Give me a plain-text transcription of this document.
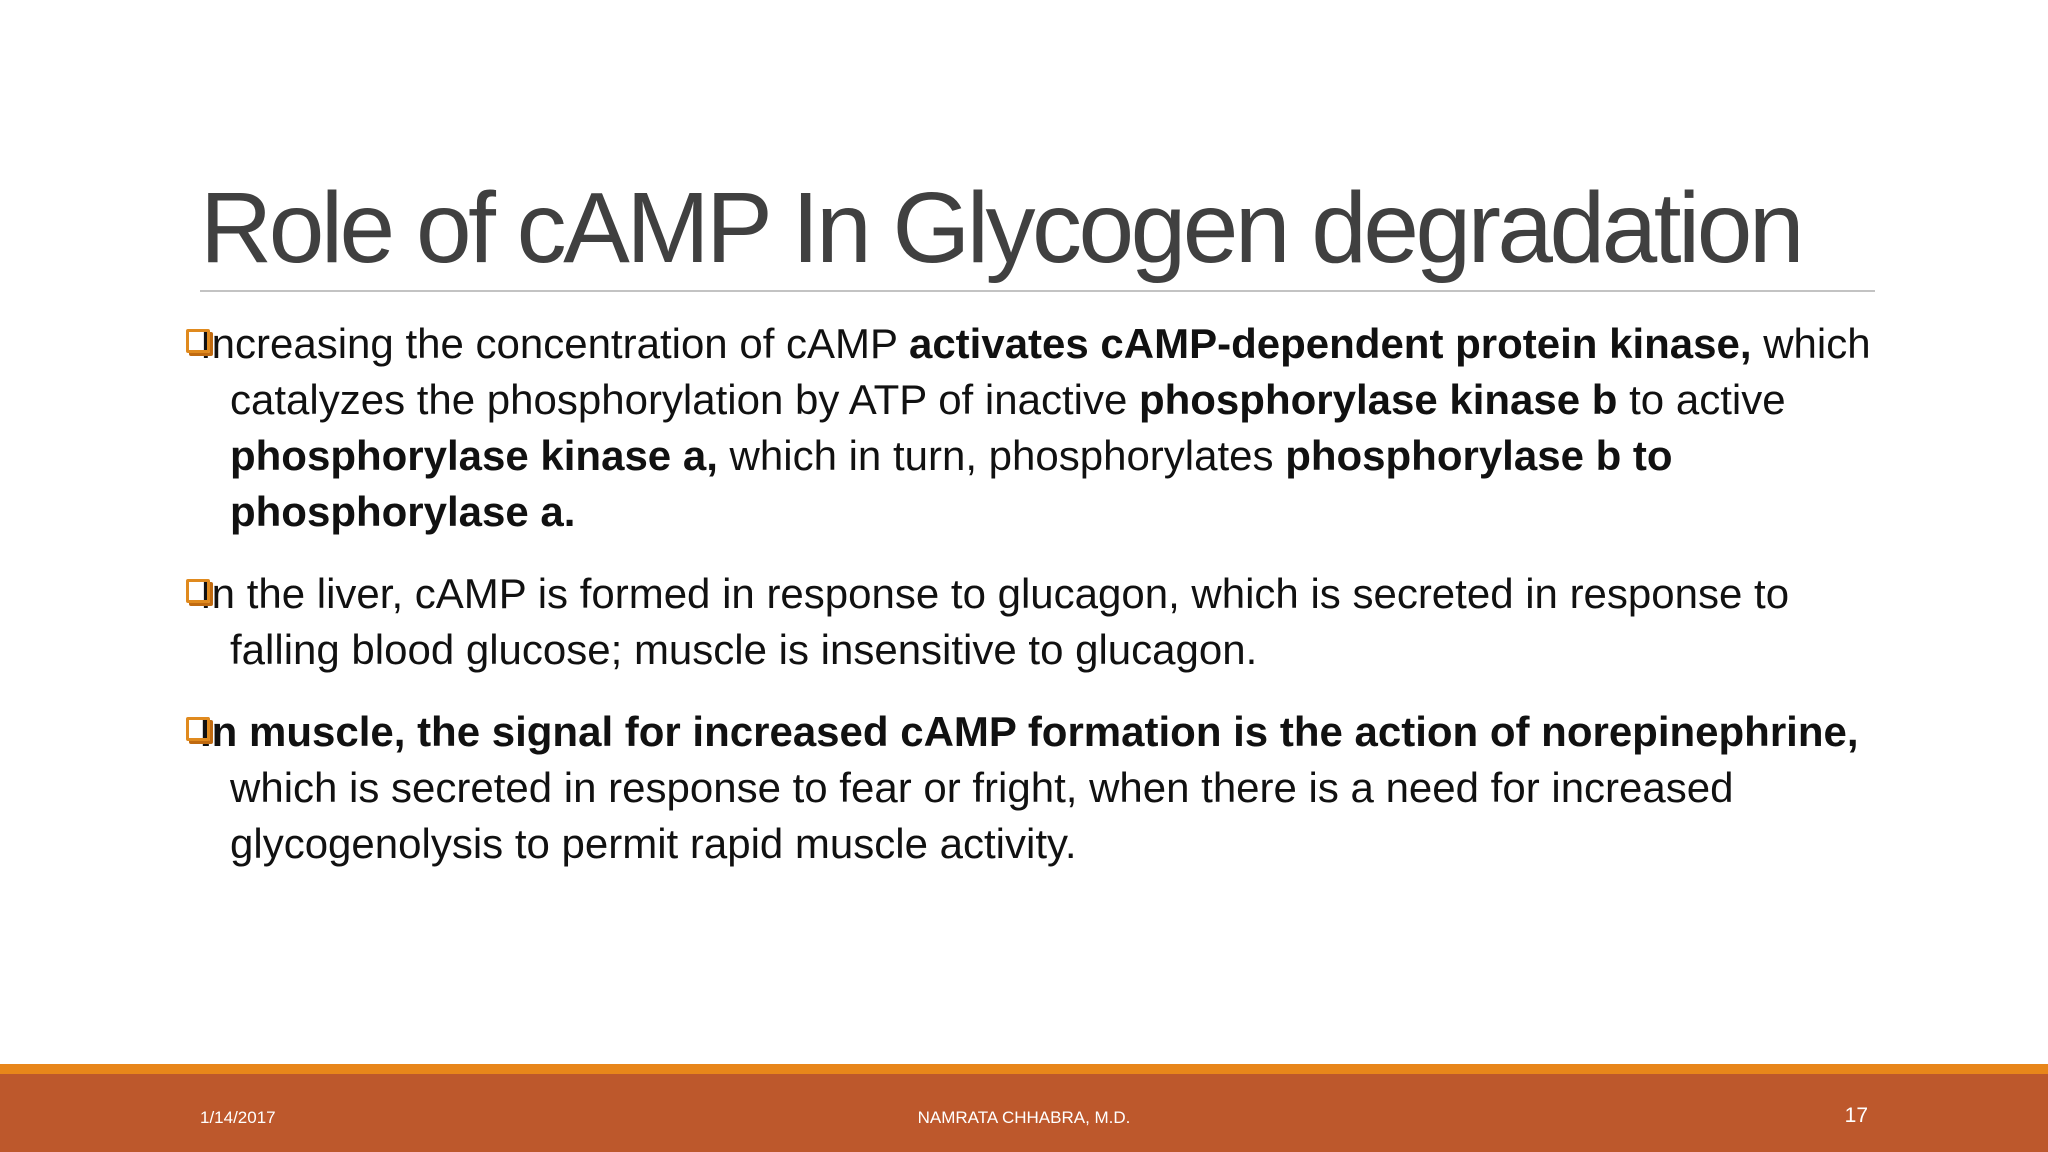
Role of cAMP In Glycogen degradation
Increasing the concentration of cAMP activates cAMP-dependent protein kinase, which catalyzes the phosphorylation by ATP of inactive phosphorylase kinase b to active phosphorylase kinase a, which in turn, phosphorylates phosphorylase b to phosphorylase a.
In the liver, cAMP is formed in response to glucagon, which is secreted in response to falling blood glucose; muscle is insensitive to glucagon.
In muscle, the signal for increased cAMP formation is the action of norepinephrine, which is secreted in response to fear or fright, when there is a need for increased glycogenolysis to permit rapid muscle activity.
1/14/2017	NAMRATA CHHABRA, M.D.	17
